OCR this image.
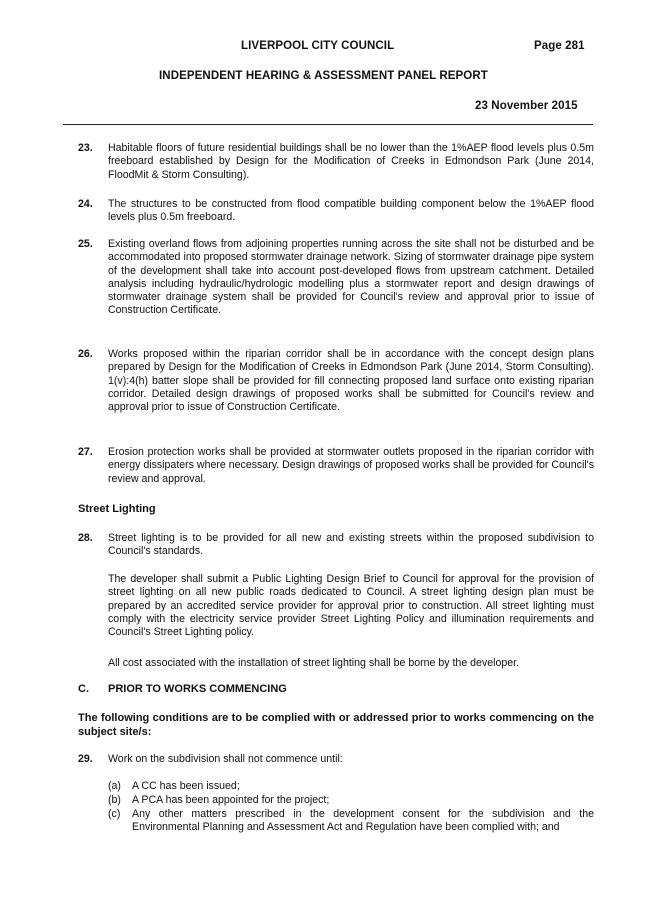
LIVERPOOL CITY COUNCIL	Page 281
INDEPENDENT HEARING & ASSESSMENT PANEL REPORT
23 November 2015
23. Habitable floors of future residential buildings shall be no lower than the 1%AEP flood levels plus 0.5m freeboard established by Design for the Modification of Creeks in Edmondson Park (June 2014, FloodMit & Storm Consulting).
24. The structures to be constructed from flood compatible building component below the 1%AEP flood levels plus 0.5m freeboard.
25. Existing overland flows from adjoining properties running across the site shall not be disturbed and be accommodated into proposed stormwater drainage network. Sizing of stormwater drainage pipe system of the development shall take into account post-developed flows from upstream catchment. Detailed analysis including hydraulic/hydrologic modelling plus a stormwater report and design drawings of stormwater drainage system shall be provided for Council's review and approval prior to issue of Construction Certificate.
26. Works proposed within the riparian corridor shall be in accordance with the concept design plans prepared by Design for the Modification of Creeks in Edmondson Park (June 2014, Storm Consulting). 1(v):4(h) batter slope shall be provided for fill connecting proposed land surface onto existing riparian corridor. Detailed design drawings of proposed works shall be submitted for Council's review and approval prior to issue of Construction Certificate.
27. Erosion protection works shall be provided at stormwater outlets proposed in the riparian corridor with energy dissipaters where necessary. Design drawings of proposed works shall be provided for Council's review and approval.
Street Lighting
28. Street lighting is to be provided for all new and existing streets within the proposed subdivision to Council's standards.
The developer shall submit a Public Lighting Design Brief to Council for approval for the provision of street lighting on all new public roads dedicated to Council. A street lighting design plan must be prepared by an accredited service provider for approval prior to construction. All street lighting must comply with the electricity service provider Street Lighting Policy and illumination requirements and Council's Street Lighting policy.
All cost associated with the installation of street lighting shall be borne by the developer.
C. PRIOR TO WORKS COMMENCING
The following conditions are to be complied with or addressed prior to works commencing on the subject site/s:
29. Work on the subdivision shall not commence until:
(a) A CC has been issued;
(b) A PCA has been appointed for the project;
(c) Any other matters prescribed in the development consent for the subdivision and the Environmental Planning and Assessment Act and Regulation have been complied with; and
